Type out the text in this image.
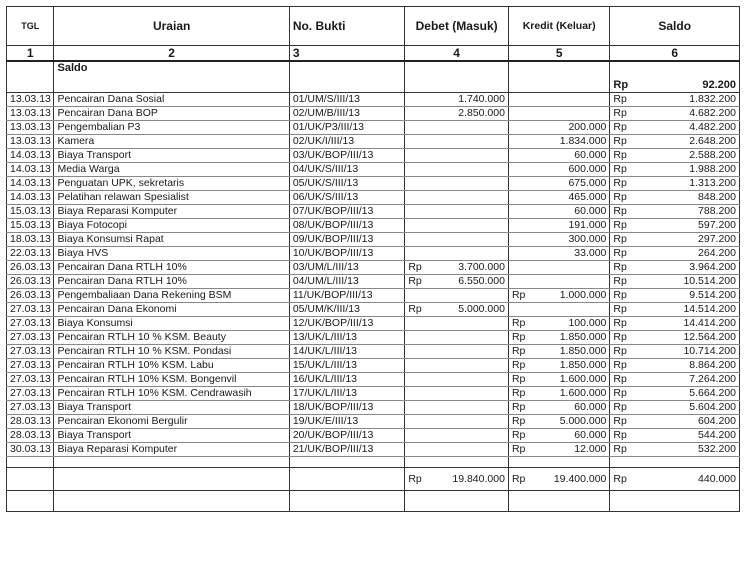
TGL	Uraian	No. Bukti	Debet (Masuk)	Kredit (Keluar)	Saldo
1	2	3	4	5	6
	Saldo				Rp 92.200
13.03.13	Pencairan Dana Sosial	01/UM/S/III/13	1.740.000		Rp 1.832.200
13.03.13	Pencairan Dana BOP	02/UM/B/III/13	2.850.000		Rp 4.682.200
13.03.13	Pengembalian P3	01/UK/P3/III/13		200.000	Rp 4.482.200
13.03.13	Kamera	02/UK/I/III/13		1.834.000	Rp 2.648.200
14.03.13	Biaya Transport	03/UK/BOP/III/13		60.000	Rp 2.588.200
14.03.13	Media Warga	04/UK/S/III/13		600.000	Rp 1.988.200
14.03.13	Penguatan UPK, sekretaris	05/UK/S/III/13		675.000	Rp 1.313.200
14.03.13	Pelatihan relawan Spesialist	06/UK/S/III/13		465.000	Rp 848.200
15.03.13	Biaya Reparasi Komputer	07/UK/BOP/III/13		60.000	Rp 788.200
15.03.13	Biaya Fotocopi	08/UK/BOP/III/13		191.000	Rp 597.200
18.03.13	Biaya Konsumsi Rapat	09/UK/BOP/III/13		300.000	Rp 297.200
22.03.13	Biaya HVS	10/UK/BOP/III/13		33.000	Rp 264.200
26.03.13	Pencairan Dana RTLH 10%	03/UM/L/III/13	Rp 3.700.000		Rp 3.964.200
26.03.13	Pencairan Dana RTLH 10%	04/UM/L/III/13	Rp 6.550.000		Rp 10.514.200
26.03.13	Pengembaliaan Dana Rekening BSM	11/UK/BOP/III/13		Rp 1.000.000	Rp 9.514.200
27.03.13	Pencairan Dana Ekonomi	05/UM/K/III/13	Rp 5.000.000		Rp 14.514.200
27.03.13	Biaya Konsumsi	12/UK/BOP/III/13		Rp 100.000	Rp 14.414.200
27.03.13	Pencairan RTLH 10 % KSM. Beauty	13/UK/L/III/13		Rp 1.850.000	Rp 12.564.200
27.03.13	Pencairan RTLH 10 % KSM. Pondasi	14/UK/L/III/13		Rp 1.850.000	Rp 10.714.200
27.03.13	Pencairan RTLH 10% KSM. Labu	15/UK/L/III/13		Rp 1.850.000	Rp 8.864.200
27.03.13	Pencairan RTLH 10% KSM. Bongenvil	16/UK/L/III/13		Rp 1.600.000	Rp 7.264.200
27.03.13	Pencairan RTLH 10% KSM. Cendrawasih	17/UK/L/III/13		Rp 1.600.000	Rp 5.664.200
27.03.13	Biaya Transport	18/UK/BOP/III/13		Rp 60.000	Rp 5.604.200
28.03.13	Pencairan Ekonomi Bergulir	19/UK/E/III/13		Rp 5.000.000	Rp 604.200
28.03.13	Biaya Transport	20/UK/BOP/III/13		Rp 60.000	Rp 544.200
30.03.13	Biaya Reparasi Komputer	21/UK/BOP/III/13		Rp 12.000	Rp 532.200

			Rp 19.840.000	Rp 19.400.000	Rp 440.000
